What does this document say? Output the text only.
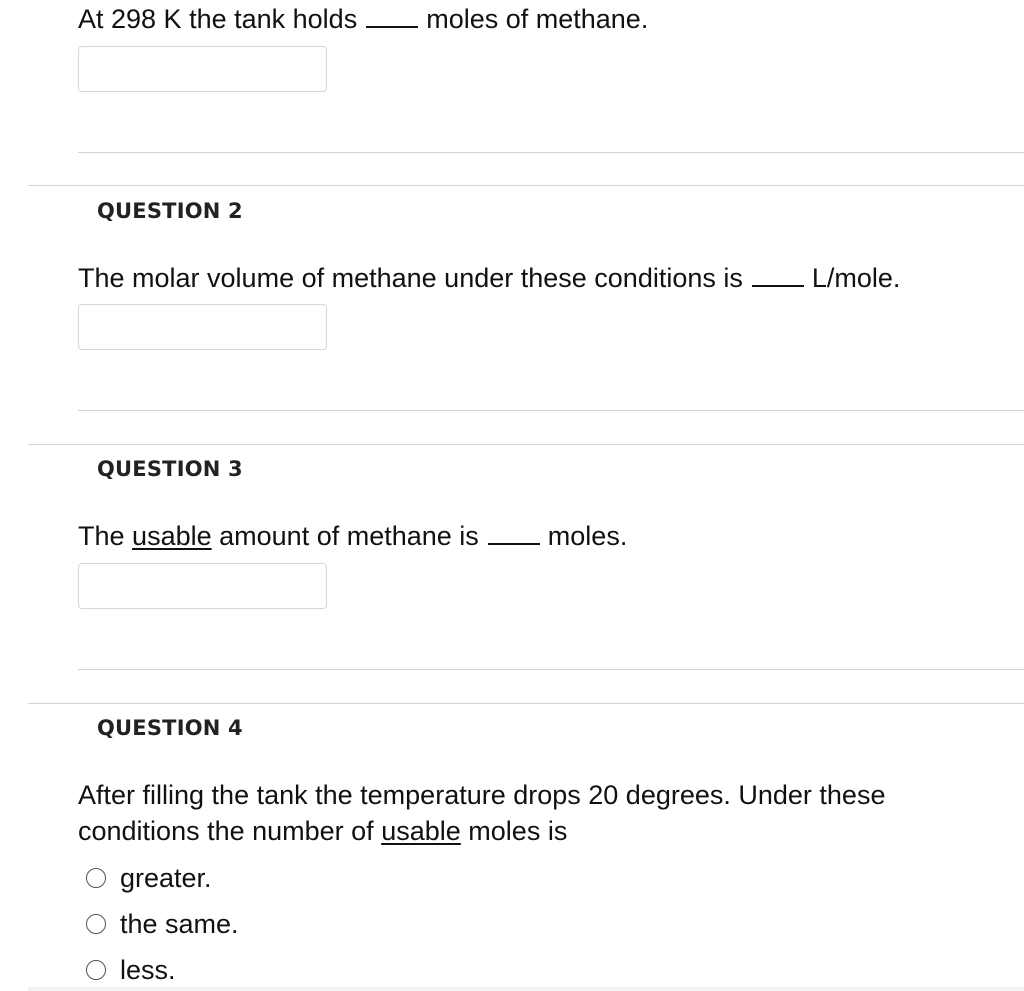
At 298 K the tank holds	moles of methane.
QUESTION 2
The molar volume of methane under these conditions is	L/mole.
QUESTION 3
The usable amount of methane is	moles.
QUESTION 4
After filling the tank the temperature drops 20 degrees. Under these
conditions the number of usable moles is
greater.
the same.
less.
